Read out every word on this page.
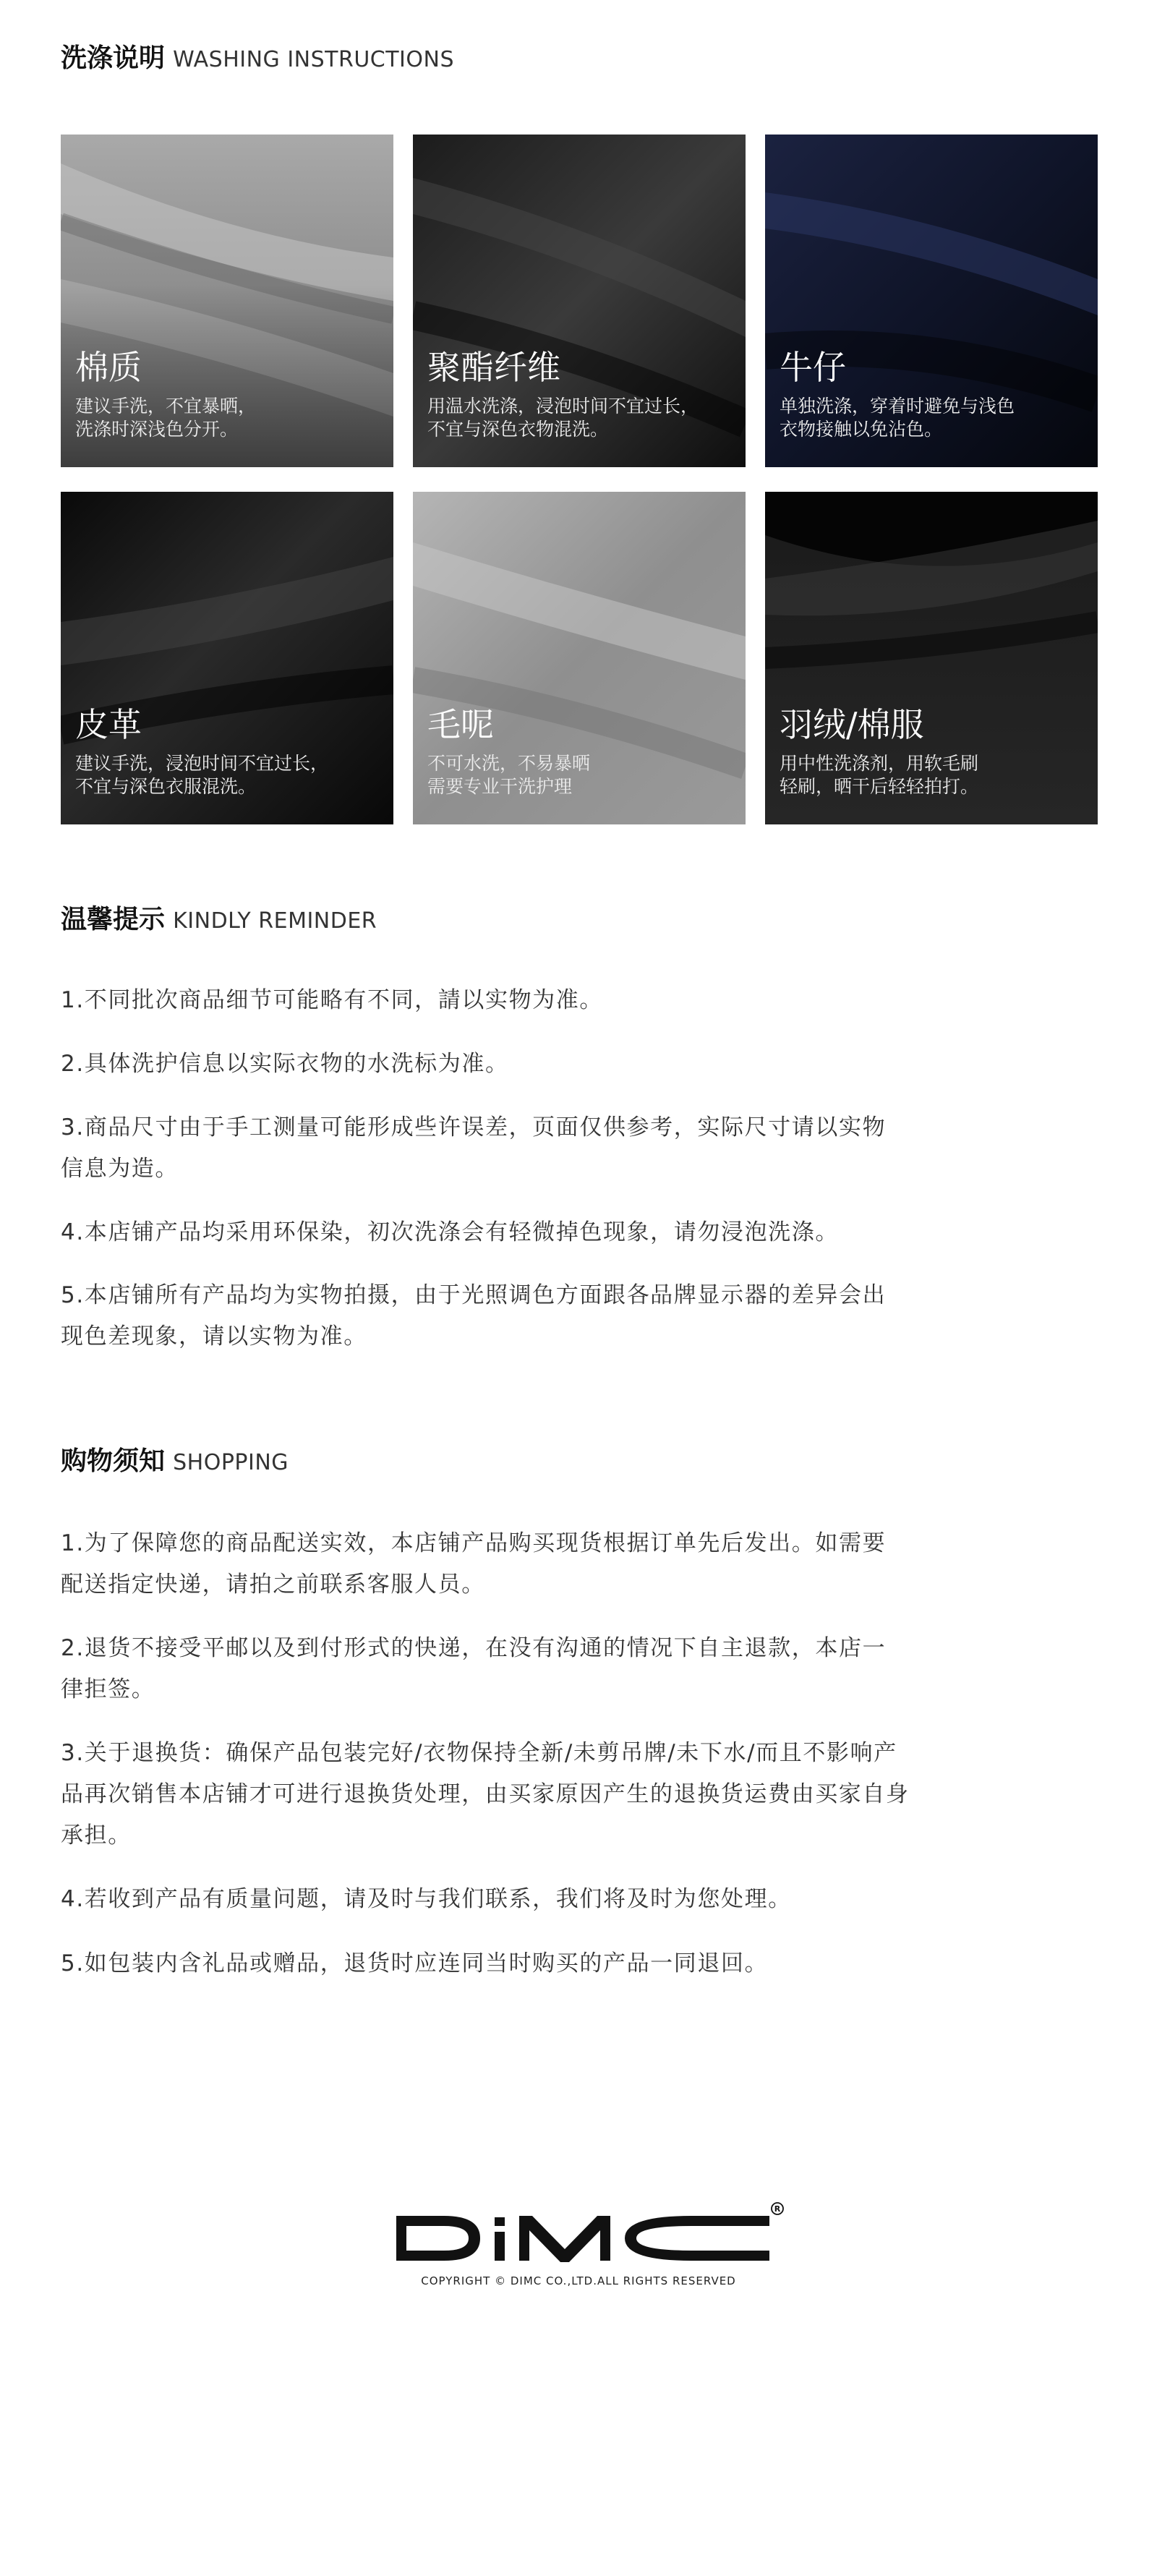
洗涤说明 WASHING INSTRUCTIONS
棉质
建议手洗，不宜暴晒，
洗涤时深浅色分开。
聚酯纤维
用温水洗涤，浸泡时间不宜过长，
不宜与深色衣物混洗。
牛仔
单独洗涤，穿着时避免与浅色
衣物接触以免沾色。
皮革
建议手洗，浸泡时间不宜过长，
不宜与深色衣服混洗。
毛呢
不可水洗，不易暴晒
需要专业干洗护理
羽绒/棉服
用中性洗涤剂，用软毛刷
轻刷，晒干后轻轻拍打。
温馨提示 KINDLY REMINDER
1.不同批次商品细节可能略有不同，請以实物为准。
2.具体洗护信息以实际衣物的水洗标为准。
3.商品尺寸由于手工测量可能形成些许误差，页面仅供参考，实际尺寸请以实物
信息为造。
4.本店铺产品均采用环保染，初次洗涤会有轻微掉色现象，请勿浸泡洗涤。
5.本店铺所有产品均为实物拍摄，由于光照调色方面跟各品牌显示器的差异会出
现色差现象，请以实物为准。
购物须知 SHOPPING
1.为了保障您的商品配送实效，本店铺产品购买现货根据订单先后发出。如需要
配送指定快递，请拍之前联系客服人员。
2.退货不接受平邮以及到付形式的快递，在没有沟通的情况下自主退款，本店一
律拒签。
3.关于退换货：确保产品包装完好/衣物保持全新/未剪吊牌/未下水/而且不影响产
品再次销售本店铺才可进行退换货处理，由买家原因产生的退换货运费由买家自身
承担。
4.若收到产品有质量问题，请及时与我们联系，我们将及时为您处理。
5.如包装内含礼品或赠品，退货时应连同当时购买的产品一同退回。
R
COPYRIGHT © DIMC CO.,LTD.ALL RIGHTS RESERVED
